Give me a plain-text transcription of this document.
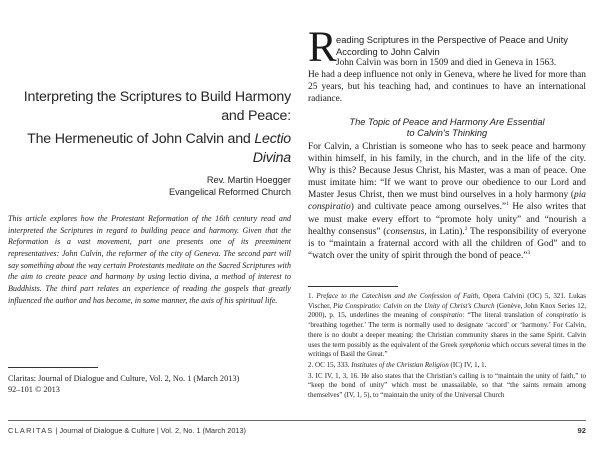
Interpreting the Scriptures to Build Harmony and Peace:
The Hermeneutic of John Calvin and Lectio Divina
Rev. Martin Hoegger
Evangelical Reformed Church
This article explores how the Protestant Reformation of the 16th century read and interpreted the Scriptures in regard to building peace and harmony. Given that the Reformation is a vast movement, part one presents one of its preeminent representatives: John Calvin, the reformer of the city of Geneva. The second part will say something about the way certain Protestants meditate on the Sacred Scriptures with the aim to create peace and harmony by using lectio divina, a method of interest to Buddhists. The third part relates an experience of reading the gospels that greatly influenced the author and has become, in some manner, the axis of his spiritual life.
Claritas: Journal of Dialogue and Culture, Vol. 2, No. 1 (March 2013)
92–101 © 2013
R eading Scriptures in the Perspective of Peace and Unity According to John Calvin
John Calvin was born in 1509 and died in Geneva in 1563.
He had a deep influence not only in Geneva, where he lived for more than 25 years, but his teaching had, and continues to have an international radiance.
The Topic of Peace and Harmony Are Essential
to Calvin’s Thinking
For Calvin, a Christian is someone who has to seek peace and harmony within himself, in his family, in the church, and in the life of the city. Why is this? Because Jesus Christ, his Master, was a man of peace. One must imitate him: “If we want to prove our obedience to our Lord and Master Jesus Christ, then we must bind ourselves in a holy harmony (pia conspiratio) and cultivate peace among ourselves.”$^1$ He also writes that we must make every effort to “promote holy unity” and “nourish a healthy consensus” (consensus, in Latin).$^2$ The responsibility of everyone is to “maintain a fraternal accord with all the children of God” and to “watch over the unity of spirit through the bond of peace.”$^3$

1. Preface to the Catechism and the Confession of Faith, Opera Calvini (OC) 5, 321. Lukas Vischer, Pia Conspiratio: Calvin on the Unity of Christ’s Church (Genève, John Knox Series 12, 2000), p. 15, underlines the meaning of conspiratio: “The literal translation of conspiratio is ‘breathing together.’ The term is normally used to designate ‘accord’ or ‘harmony.’ For Calvin, there is no doubt a deeper meaning: the Christian community shares in the same Spirit. Calvin uses the term possibly as the equivalent of the Greek symphonia which occurs several times in the writings of Basil the Great.”

2. OC 15, 333. Institutes of the Christian Religion (IC) IV, 1, 1.

3. IC IV, 1, 3, 16. He also states that the Christian’s calling is to “maintain the unity of faith,” to “keep the bond of unity” which must be unassailable, so that “the saints remain among themselves” (IV, 1, 5), to “maintain the unity of the Universal Church

CLARITAS | Journal of Dialogue & Culture | Vol. 2, No. 1 (March 2013)	92
